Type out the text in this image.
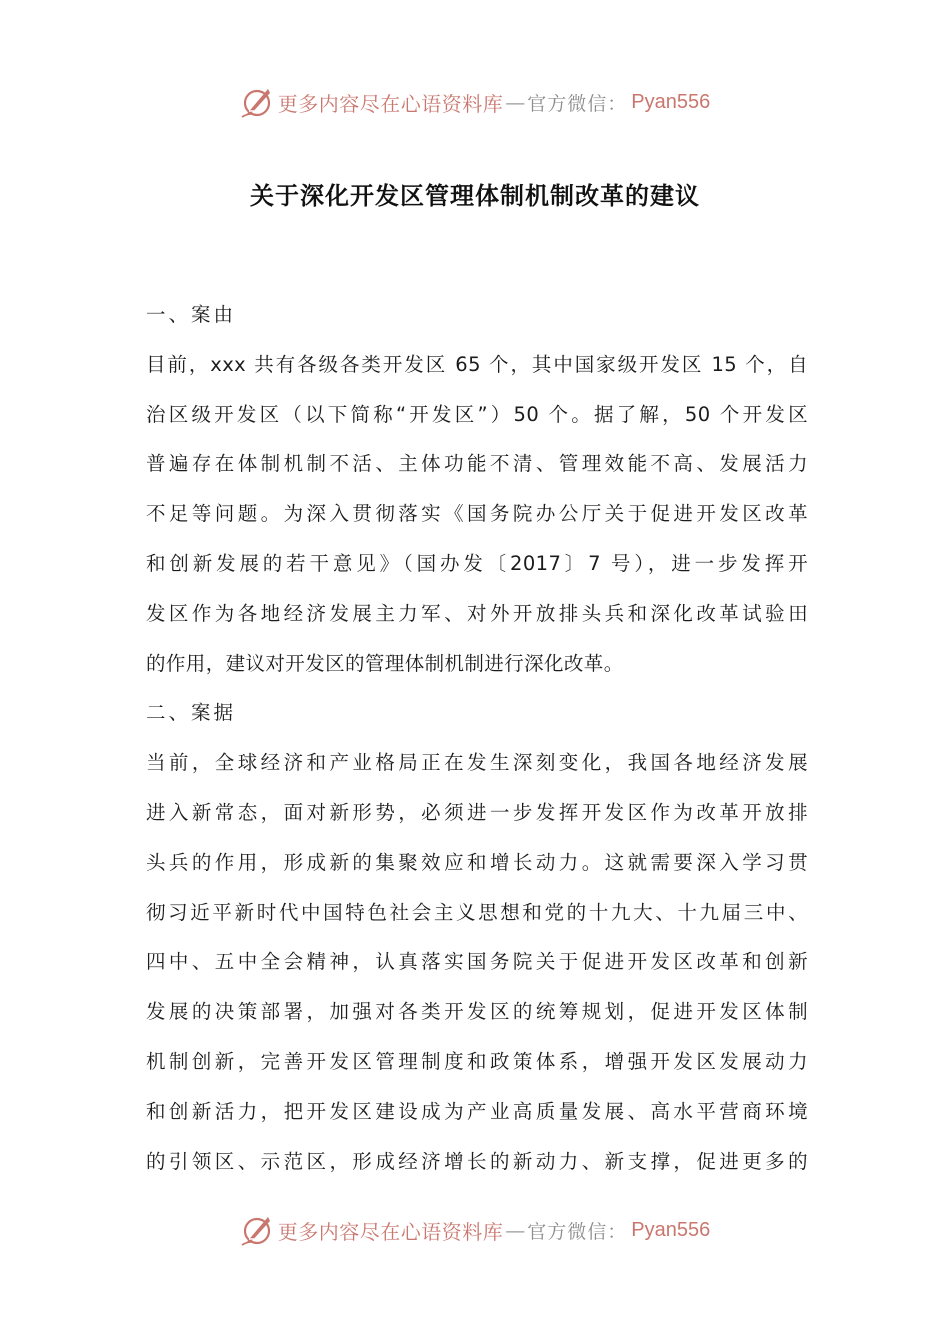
更多内容尽在心语资料库 — 官方微信： Pyan556
关于深化开发区管理体制机制改革的建议
一、案由
目前，xxx 共有各级各类开发区 65 个，其中国家级开发区 15 个，自
治区级开发区（以下简称“开发区”）50 个。据了解，50 个开发区
普遍存在体制机制不活、主体功能不清、管理效能不高、发展活力
不足等问题。为深入贯彻落实《国务院办公厅关于促进开发区改革
和创新发展的若干意见》（国办发〔2017〕7 号），进一步发挥开
发区作为各地经济发展主力军、对外开放排头兵和深化改革试验田
的作用，建议对开发区的管理体制机制进行深化改革。
二、案据
当前，全球经济和产业格局正在发生深刻变化，我国各地经济发展
进入新常态，面对新形势，必须进一步发挥开发区作为改革开放排
头兵的作用，形成新的集聚效应和增长动力。这就需要深入学习贯
彻习近平新时代中国特色社会主义思想和党的十九大、十九届三中、
四中、五中全会精神，认真落实国务院关于促进开发区改革和创新
发展的决策部署，加强对各类开发区的统筹规划，促进开发区体制
机制创新，完善开发区管理制度和政策体系，增强开发区发展动力
和创新活力，把开发区建设成为产业高质量发展、高水平营商环境
的引领区、示范区，形成经济增长的新动力、新支撑，促进更多的
更多内容尽在心语资料库 — 官方微信： Pyan556
